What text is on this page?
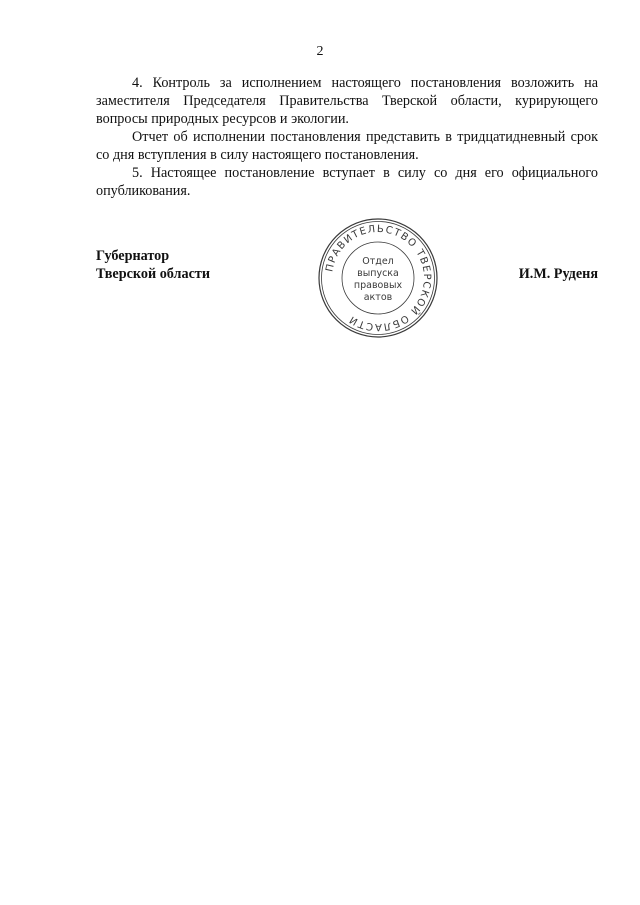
2

4. Контроль за исполнением настоящего постановления возложить на заместителя Председателя Правительства Тверской области, курирующего вопросы природных ресурсов и экологии.

Отчет об исполнении постановления представить в тридцатидневный срок со дня вступления в силу настоящего постановления.

5. Настоящее постановление вступает в силу со дня его официального опубликования.

Губернатор
Тверской области	И.М. Руденя
ПРАВИТЕЛЬСТВО ТВЕРСКОЙ ОБЛАСТИ
Отдел
выпуска
правовых
актов
